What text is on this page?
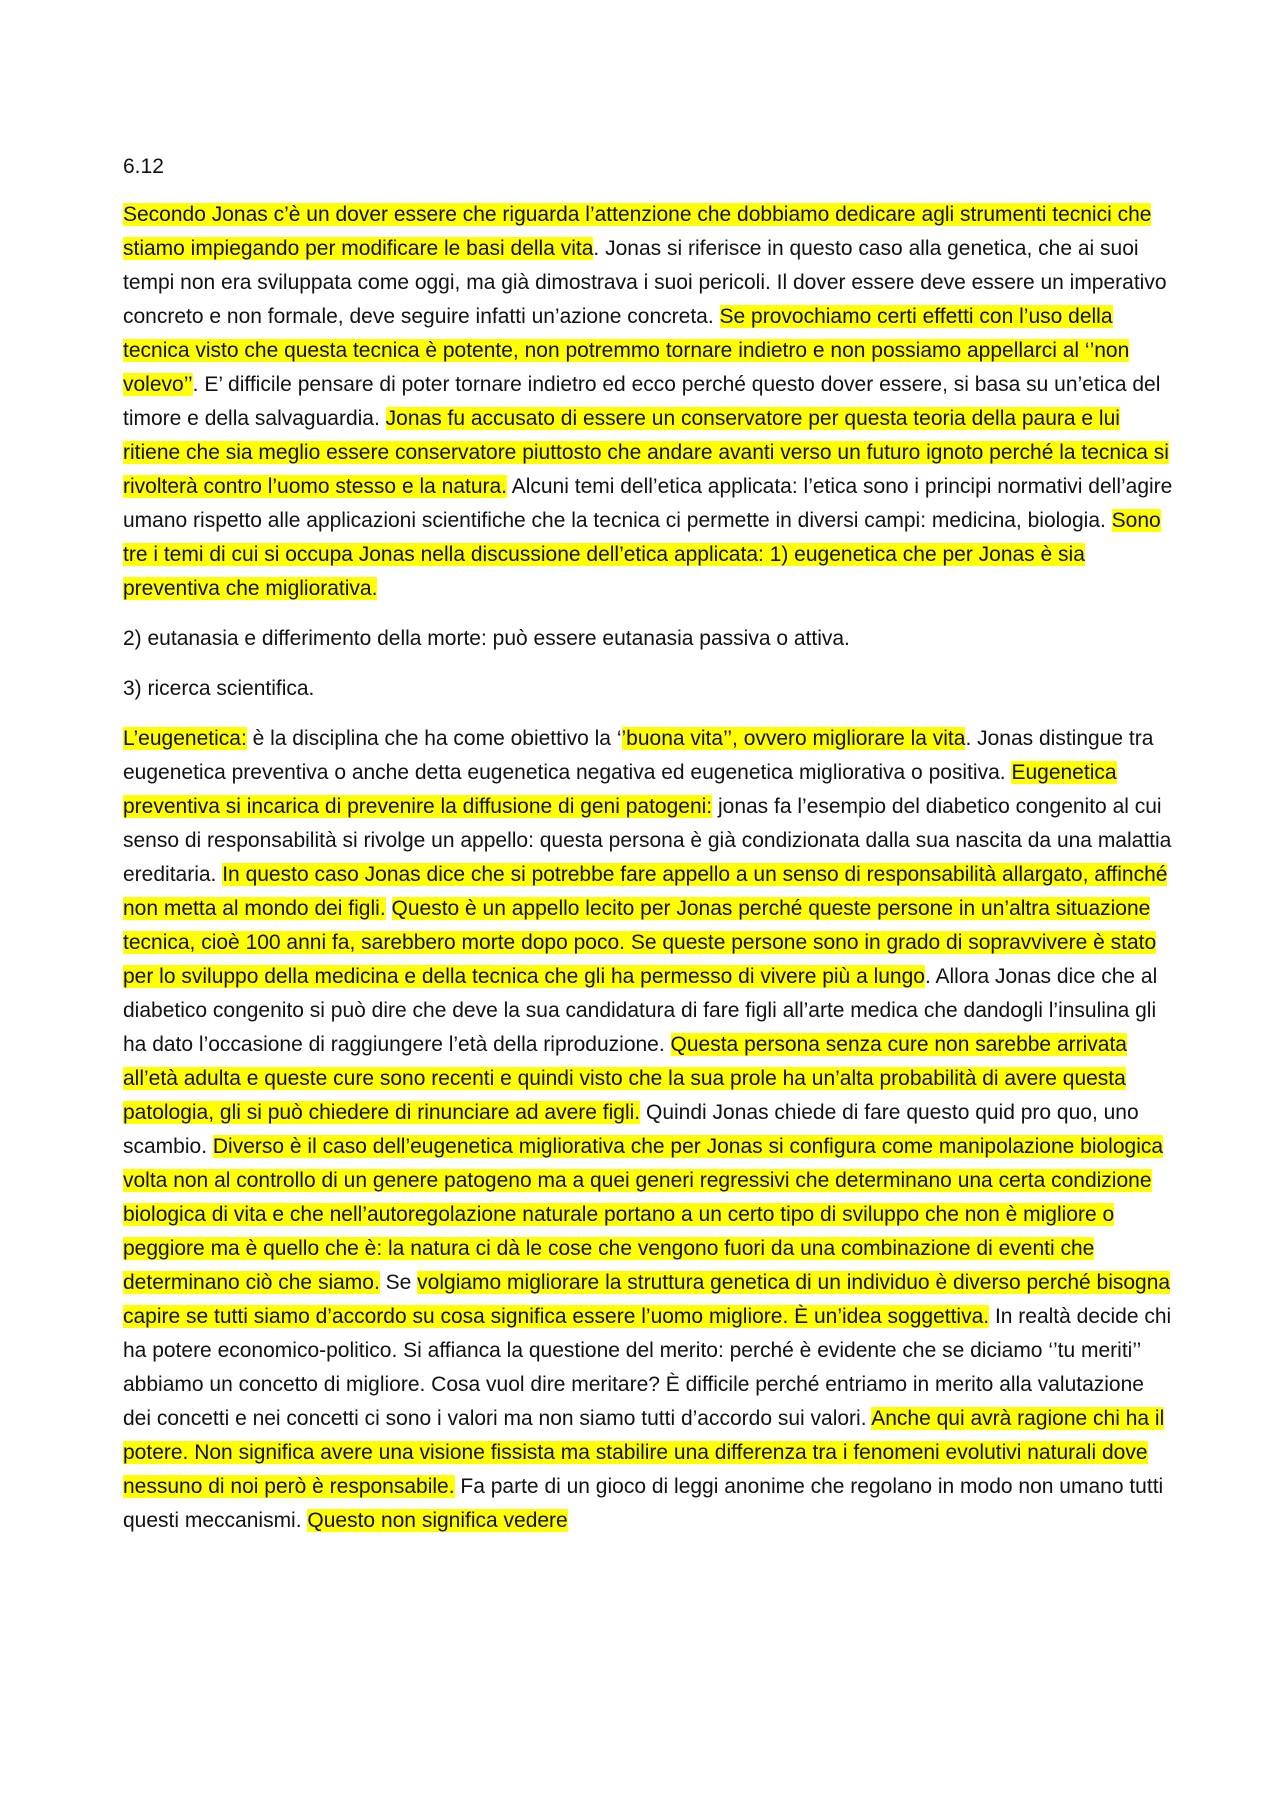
6.12

Secondo Jonas c’è un dover essere che riguarda l’attenzione che dobbiamo dedicare agli strumenti tecnici che stiamo impiegando per modificare le basi della vita. Jonas si riferisce in questo caso alla genetica, che ai suoi tempi non era sviluppata come oggi, ma già dimostrava i suoi pericoli. Il dover essere deve essere un imperativo concreto e non formale, deve seguire infatti un’azione concreta. Se provochiamo certi effetti con l’uso della tecnica visto che questa tecnica è potente, non potremmo tornare indietro e non possiamo appellarci al ‘’non volevo’’. E’ difficile pensare di poter tornare indietro ed ecco perché questo dover essere, si basa su un’etica del timore e della salvaguardia. Jonas fu accusato di essere un conservatore per questa teoria della paura e lui ritiene che sia meglio essere conservatore piuttosto che andare avanti verso un futuro ignoto perché la tecnica si rivolterà contro l’uomo stesso e la natura. Alcuni temi dell’etica applicata: l’etica sono i principi normativi dell’agire umano rispetto alle applicazioni scientifiche che la tecnica ci permette in diversi campi: medicina, biologia. Sono tre i temi di cui si occupa Jonas nella discussione dell’etica applicata: 1) eugenetica che per Jonas è sia preventiva che migliorativa.

2) eutanasia e differimento della morte: può essere eutanasia passiva o attiva.

3) ricerca scientifica.

L’eugenetica: è la disciplina che ha come obiettivo la ‘’buona vita’’, ovvero migliorare la vita. Jonas distingue tra eugenetica preventiva o anche detta eugenetica negativa ed eugenetica migliorativa o positiva. Eugenetica preventiva si incarica di prevenire la diffusione di geni patogeni: jonas fa l’esempio del diabetico congenito al cui senso di responsabilità si rivolge un appello: questa persona è già condizionata dalla sua nascita da una malattia ereditaria. In questo caso Jonas dice che si potrebbe fare appello a un senso di responsabilità allargato, affinché non metta al mondo dei figli. Questo è un appello lecito per Jonas perché queste persone in un’altra situazione tecnica, cioè 100 anni fa, sarebbero morte dopo poco. Se queste persone sono in grado di sopravvivere è stato per lo sviluppo della medicina e della tecnica che gli ha permesso di vivere più a lungo. Allora Jonas dice che al diabetico congenito si può dire che deve la sua candidatura di fare figli all’arte medica che dandogli l’insulina gli ha dato l’occasione di raggiungere l’età della riproduzione. Questa persona senza cure non sarebbe arrivata all’età adulta e queste cure sono recenti e quindi visto che la sua prole ha un’alta probabilità di avere questa patologia, gli si può chiedere di rinunciare ad avere figli. Quindi Jonas chiede di fare questo quid pro quo, uno scambio. Diverso è il caso dell’eugenetica migliorativa che per Jonas si configura come manipolazione biologica volta non al controllo di un genere patogeno ma a quei generi regressivi che determinano una certa condizione biologica di vita e che nell’autoregolazione naturale portano a un certo tipo di sviluppo che non è migliore o peggiore ma è quello che è: la natura ci dà le cose che vengono fuori da una combinazione di eventi che determinano ciò che siamo. Se volgiamo migliorare la struttura genetica di un individuo è diverso perché bisogna capire se tutti siamo d’accordo su cosa significa essere l’uomo migliore. È un’idea soggettiva. In realtà decide chi ha potere economico-politico. Si affianca la questione del merito: perché è evidente che se diciamo ‘’tu meriti’’ abbiamo un concetto di migliore. Cosa vuol dire meritare? È difficile perché entriamo in merito alla valutazione dei concetti e nei concetti ci sono i valori ma non siamo tutti d’accordo sui valori. Anche qui avrà ragione chi ha il potere. Non significa avere una visione fissista ma stabilire una differenza tra i fenomeni evolutivi naturali dove nessuno di noi però è responsabile. Fa parte di un gioco di leggi anonime che regolano in modo non umano tutti questi meccanismi. Questo non significa vedere
